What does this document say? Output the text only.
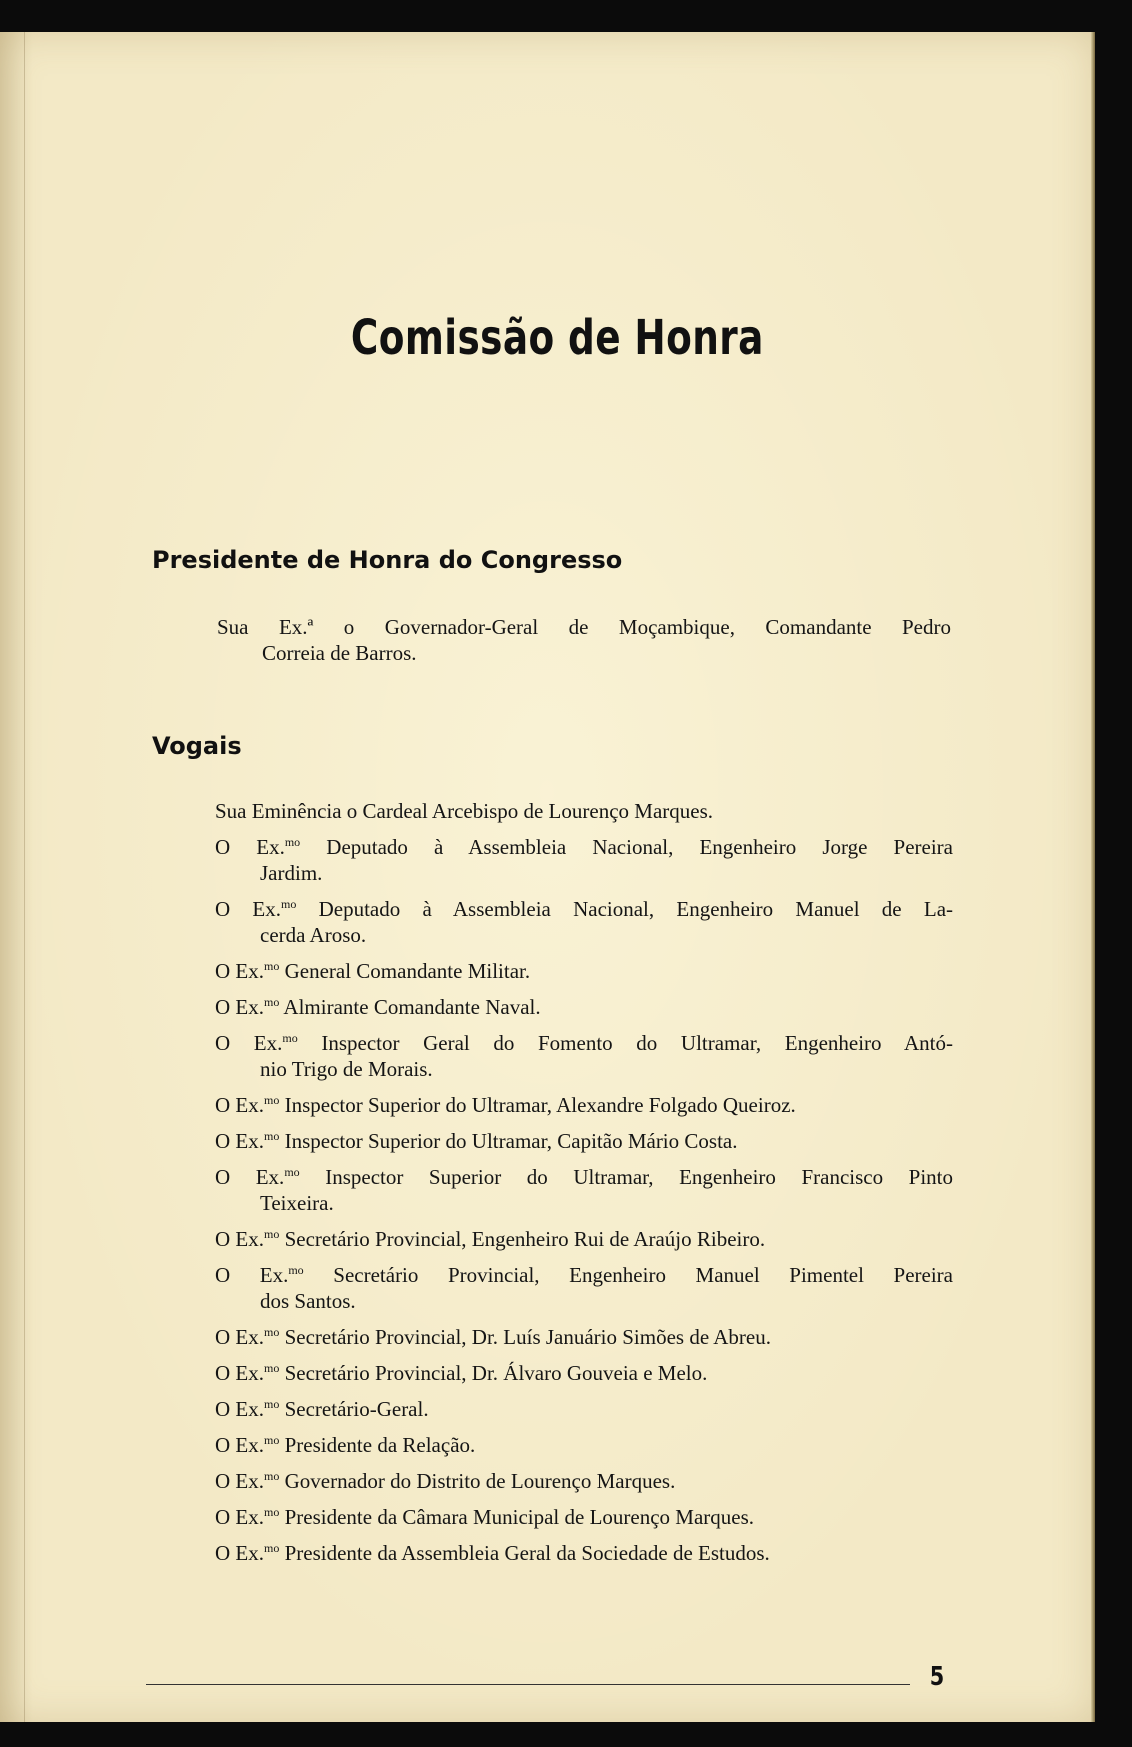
Comissão de Honra
Presidente de Honra do Congresso
Sua Ex.ª o Governador-Geral de Moçambique, Comandante Pedro
Correia de Barros.
Vogais
Sua Eminência o Cardeal Arcebispo de Lourenço Marques.
O Ex.$^{mo}$ Deputado à Assembleia Nacional, Engenheiro Jorge Pereira
Jardim.
O Ex.$^{mo}$ Deputado à Assembleia Nacional, Engenheiro Manuel de La-
cerda Aroso.
O Ex.$^{mo}$ General Comandante Militar.
O Ex.$^{mo}$ Almirante Comandante Naval.
O Ex.$^{mo}$ Inspector Geral do Fomento do Ultramar, Engenheiro Antó-
nio Trigo de Morais.
O Ex.$^{mo}$ Inspector Superior do Ultramar, Alexandre Folgado Queiroz.
O Ex.$^{mo}$ Inspector Superior do Ultramar, Capitão Mário Costa.
O Ex.$^{mo}$ Inspector Superior do Ultramar, Engenheiro Francisco Pinto
Teixeira.
O Ex.$^{mo}$ Secretário Provincial, Engenheiro Rui de Araújo Ribeiro.
O Ex.$^{mo}$ Secretário Provincial, Engenheiro Manuel Pimentel Pereira
dos Santos.
O Ex.$^{mo}$ Secretário Provincial, Dr. Luís Januário Simões de Abreu.
O Ex.$^{mo}$ Secretário Provincial, Dr. Álvaro Gouveia e Melo.
O Ex.$^{mo}$ Secretário-Geral.
O Ex.$^{mo}$ Presidente da Relação.
O Ex.$^{mo}$ Governador do Distrito de Lourenço Marques.
O Ex.$^{mo}$ Presidente da Câmara Municipal de Lourenço Marques.
O Ex.$^{mo}$ Presidente da Assembleia Geral da Sociedade de Estudos.
5
